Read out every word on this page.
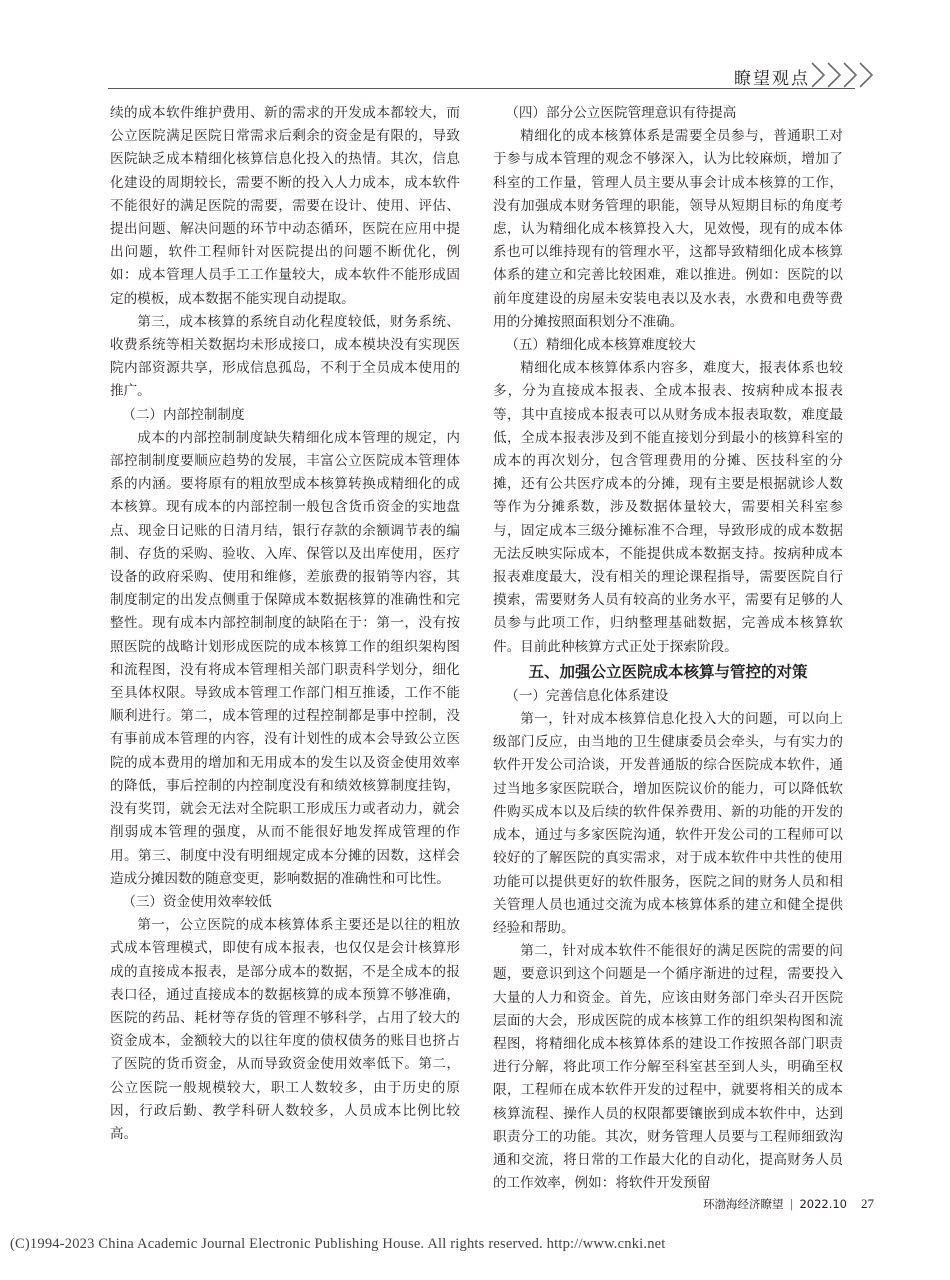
瞭望观点

续的成本软件维护费用、新的需求的开发成本都较大，而公立医院满足医院日常需求后剩余的资金是有限的，导致医院缺乏成本精细化核算信息化投入的热情。其次，信息化建设的周期较长，需要不断的投入人力成本，成本软件不能很好的满足医院的需要，需要在设计、使用、评估、提出问题、解决问题的环节中动态循环，医院在应用中提出问题，软件工程师针对医院提出的问题不断优化，例如：成本管理人员手工工作量较大，成本软件不能形成固定的模板，成本数据不能实现自动提取。

第三，成本核算的系统自动化程度较低，财务系统、收费系统等相关数据均未形成接口，成本模块没有实现医院内部资源共享，形成信息孤岛，不利于全员成本使用的推广。

（二）内部控制制度

成本的内部控制制度缺失精细化成本管理的规定，内部控制制度要顺应趋势的发展，丰富公立医院成本管理体系的内涵。要将原有的粗放型成本核算转换成精细化的成本核算。现有成本的内部控制一般包含货币资金的实地盘点、现金日记账的日清月结，银行存款的余额调节表的编制、存货的采购、验收、入库、保管以及出库使用，医疗设备的政府采购、使用和维修，差旅费的报销等内容，其制度制定的出发点侧重于保障成本数据核算的准确性和完整性。现有成本内部控制制度的缺陷在于：第一，没有按照医院的战略计划形成医院的成本核算工作的组织架构图和流程图，没有将成本管理相关部门职责科学划分，细化至具体权限。导致成本管理工作部门相互推诿，工作不能顺利进行。第二，成本管理的过程控制都是事中控制，没有事前成本管理的内容，没有计划性的成本会导致公立医院的成本费用的增加和无用成本的发生以及资金使用效率的降低，事后控制的内控制度没有和绩效核算制度挂钩，没有奖罚，就会无法对全院职工形成压力或者动力，就会削弱成本管理的强度，从而不能很好地发挥成管理的作用。第三、制度中没有明细规定成本分摊的因数，这样会造成分摊因数的随意变更，影响数据的准确性和可比性。

（三）资金使用效率较低

第一，公立医院的成本核算体系主要还是以往的粗放式成本管理模式，即使有成本报表，也仅仅是会计核算形成的直接成本报表，是部分成本的数据，不是全成本的报表口径，通过直接成本的数据核算的成本预算不够准确，医院的药品、耗材等存货的管理不够科学，占用了较大的资金成本，金额较大的以往年度的债权债务的账目也挤占了医院的货币资金，从而导致资金使用效率低下。第二，公立医院一般规模较大，职工人数较多，由于历史的原因，行政后勤、教学科研人数较多，人员成本比例比较高。

（四）部分公立医院管理意识有待提高

精细化的成本核算体系是需要全员参与，普通职工对于参与成本管理的观念不够深入，认为比较麻烦，增加了科室的工作量，管理人员主要从事会计成本核算的工作，没有加强成本财务管理的职能，领导从短期目标的角度考虑，认为精细化成本核算投入大，见效慢，现有的成本体系也可以维持现有的管理水平，这都导致精细化成本核算体系的建立和完善比较困难，难以推进。例如：医院的以前年度建设的房屋未安装电表以及水表，水费和电费等费用的分摊按照面积划分不准确。

（五）精细化成本核算难度较大

精细化成本核算体系内容多，难度大，报表体系也较多，分为直接成本报表、全成本报表、按病种成本报表等，其中直接成本报表可以从财务成本报表取数，难度最低，全成本报表涉及到不能直接划分到最小的核算科室的成本的再次划分，包含管理费用的分摊、医技科室的分摊，还有公共医疗成本的分摊，现有主要是根据就诊人数等作为分摊系数，涉及数据体量较大，需要相关科室参与，固定成本三级分摊标准不合理，导致形成的成本数据无法反映实际成本，不能提供成本数据支持。按病种成本报表难度最大，没有相关的理论课程指导，需要医院自行摸索，需要财务人员有较高的业务水平，需要有足够的人员参与此项工作，归纳整理基础数据，完善成本核算软件。目前此种核算方式正处于探索阶段。

五、加强公立医院成本核算与管控的对策

（一）完善信息化体系建设

第一，针对成本核算信息化投入大的问题，可以向上级部门反应，由当地的卫生健康委员会牵头，与有实力的软件开发公司洽谈，开发普通版的综合医院成本软件，通过当地多家医院联合，增加医院议价的能力，可以降低软件购买成本以及后续的软件保养费用、新的功能的开发的成本，通过与多家医院沟通，软件开发公司的工程师可以较好的了解医院的真实需求，对于成本软件中共性的使用功能可以提供更好的软件服务，医院之间的财务人员和相关管理人员也通过交流为成本核算体系的建立和健全提供经验和帮助。

第二，针对成本软件不能很好的满足医院的需要的问题，要意识到这个问题是一个循序渐进的过程，需要投入大量的人力和资金。首先，应该由财务部门牵头召开医院层面的大会，形成医院的成本核算工作的组织架构图和流程图，将精细化成本核算体系的建设工作按照各部门职责进行分解，将此项工作分解至科室甚至到人头，明确至权限，工程师在成本软件开发的过程中，就要将相关的成本核算流程、操作人员的权限都要镶嵌到成本软件中，达到职责分工的功能。其次，财务管理人员要与工程师细致沟通和交流，将日常的工作最大化的自动化，提高财务人员的工作效率，例如：将软件开发预留

环渤海经济瞭望 | 2022.10 27
(C)1994-2023 China Academic Journal Electronic Publishing House. All rights reserved. http://www.cnki.net
